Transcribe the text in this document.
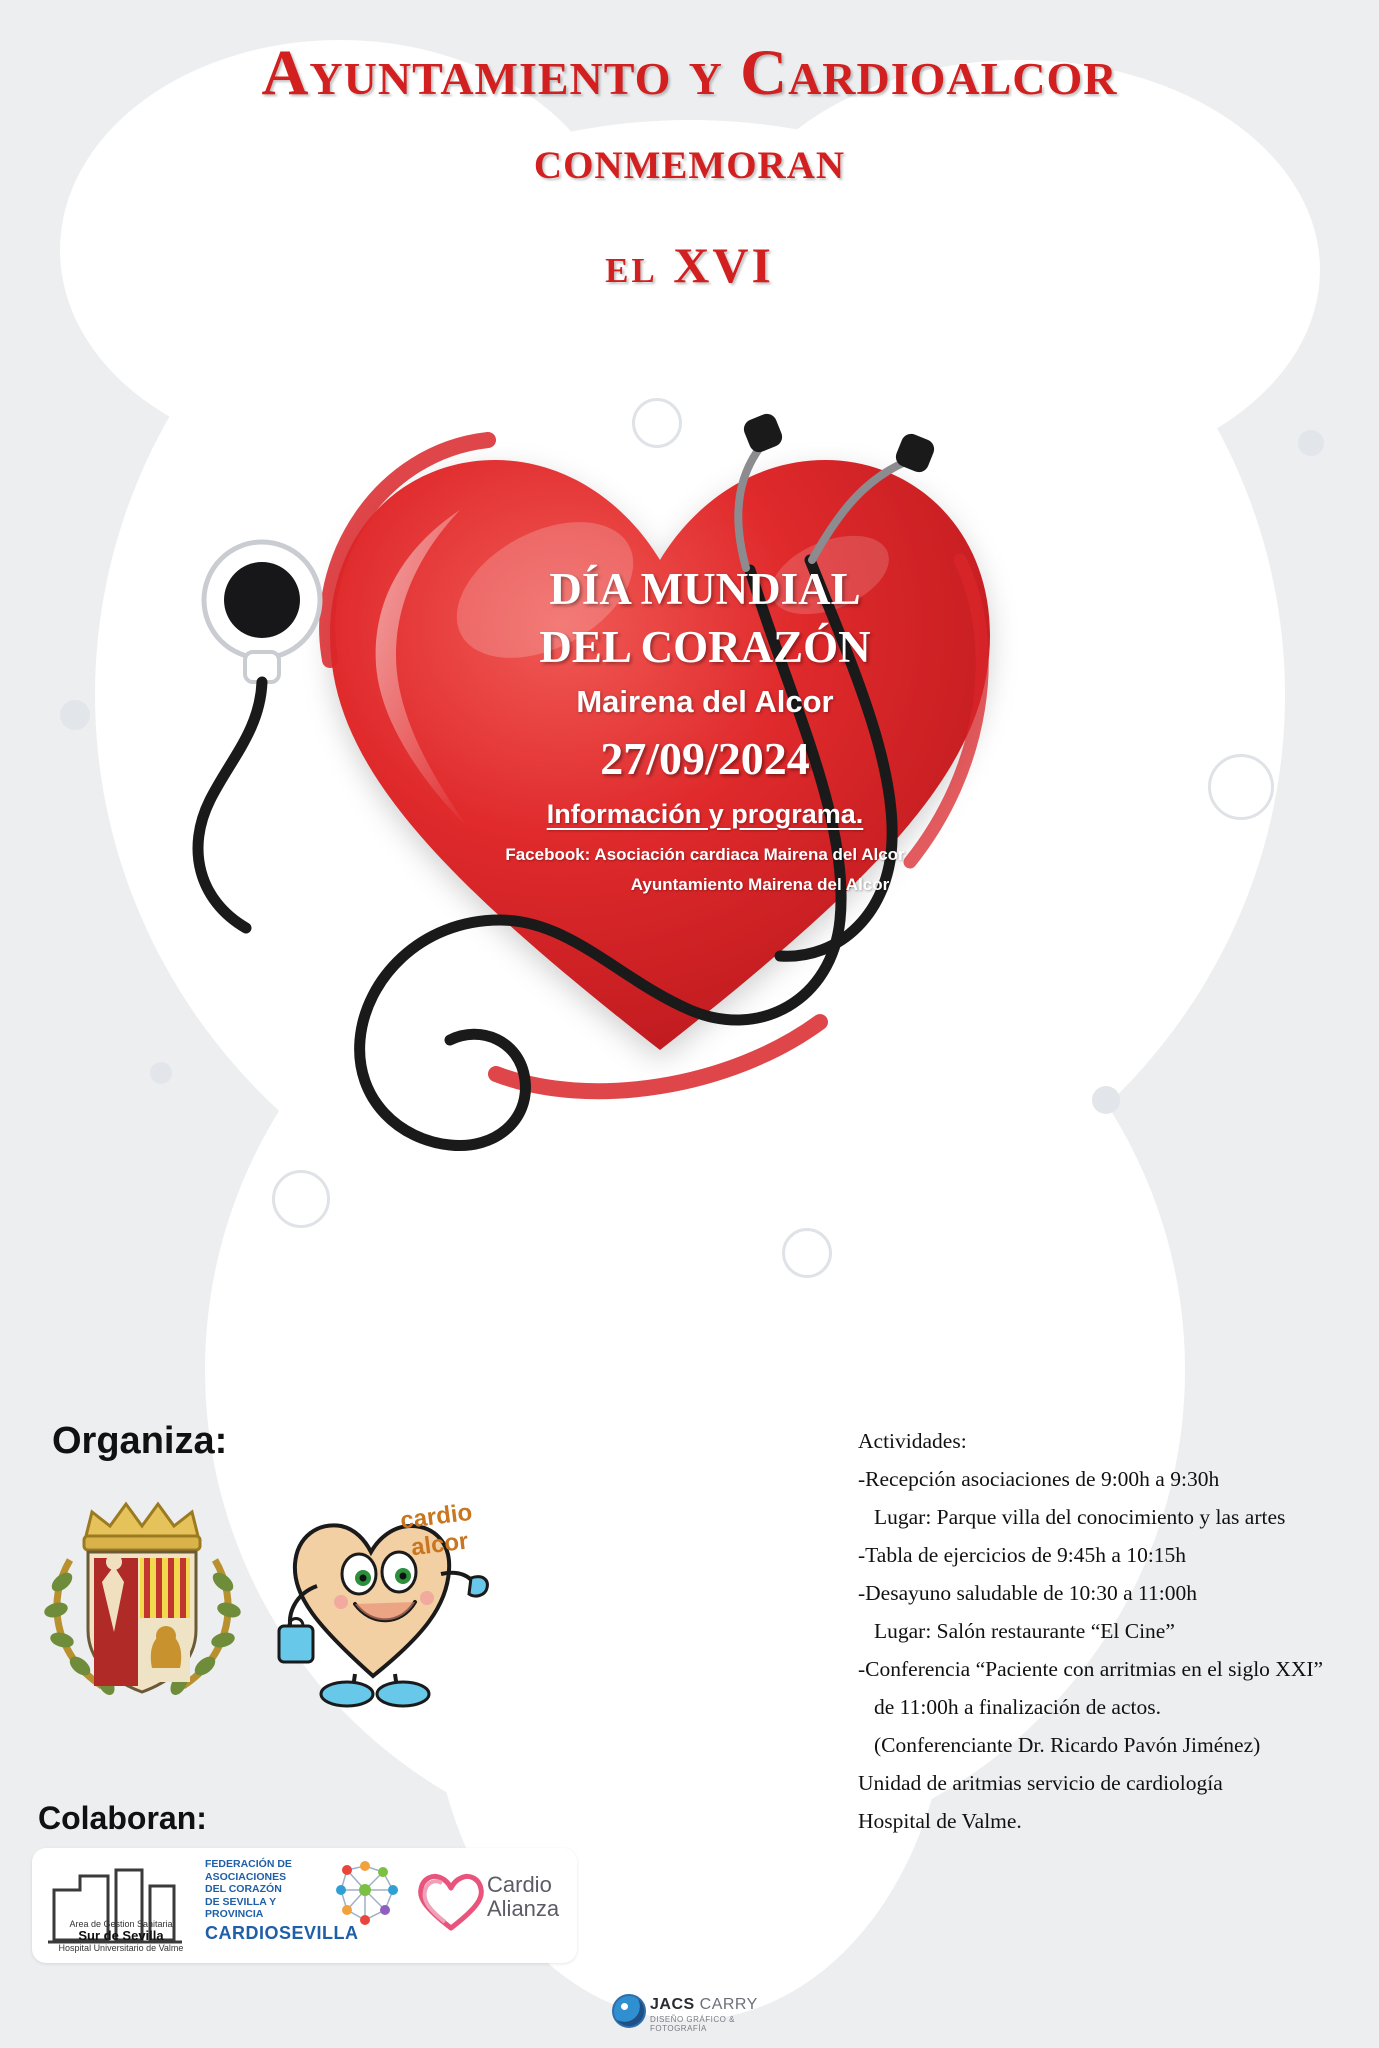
Ayuntamiento y Cardioalcor
conmemoran
el XVI
DÍA MUNDIAL
DEL CORAZÓN
Mairena del Alcor
27/09/2024
Información y programa.
Facebook: Asociación cardiaca Mairena del Alcor
Ayuntamiento Mairena del Alcor
Organiza:
cardio
alcor
Colaboran:
Area de Gestion Sanitaria
Sur de Sevilla
Hospital Universitario de Valme
FEDERACIÓN DE
ASOCIACIONES
DEL CORAZÓN
DE SEVILLA Y PROVINCIA
CARDIOSEVILLA
Cardio
Alianza
Actividades:
-Recepción asociaciones de 9:00h a 9:30h
Lugar: Parque villa del conocimiento y las artes
-Tabla de ejercicios de 9:45h a 10:15h
-Desayuno saludable de 10:30 a 11:00h
Lugar: Salón restaurante “El Cine”
-Conferencia “Paciente con arritmias en el siglo XXI”
de 11:00h a finalización de actos.
(Conferenciante Dr. Ricardo Pavón Jiménez)
Unidad de aritmias servicio de cardiología
Hospital de Valme.
JACS CARRY
DISEÑO GRÁFICO & FOTOGRAFÍA
